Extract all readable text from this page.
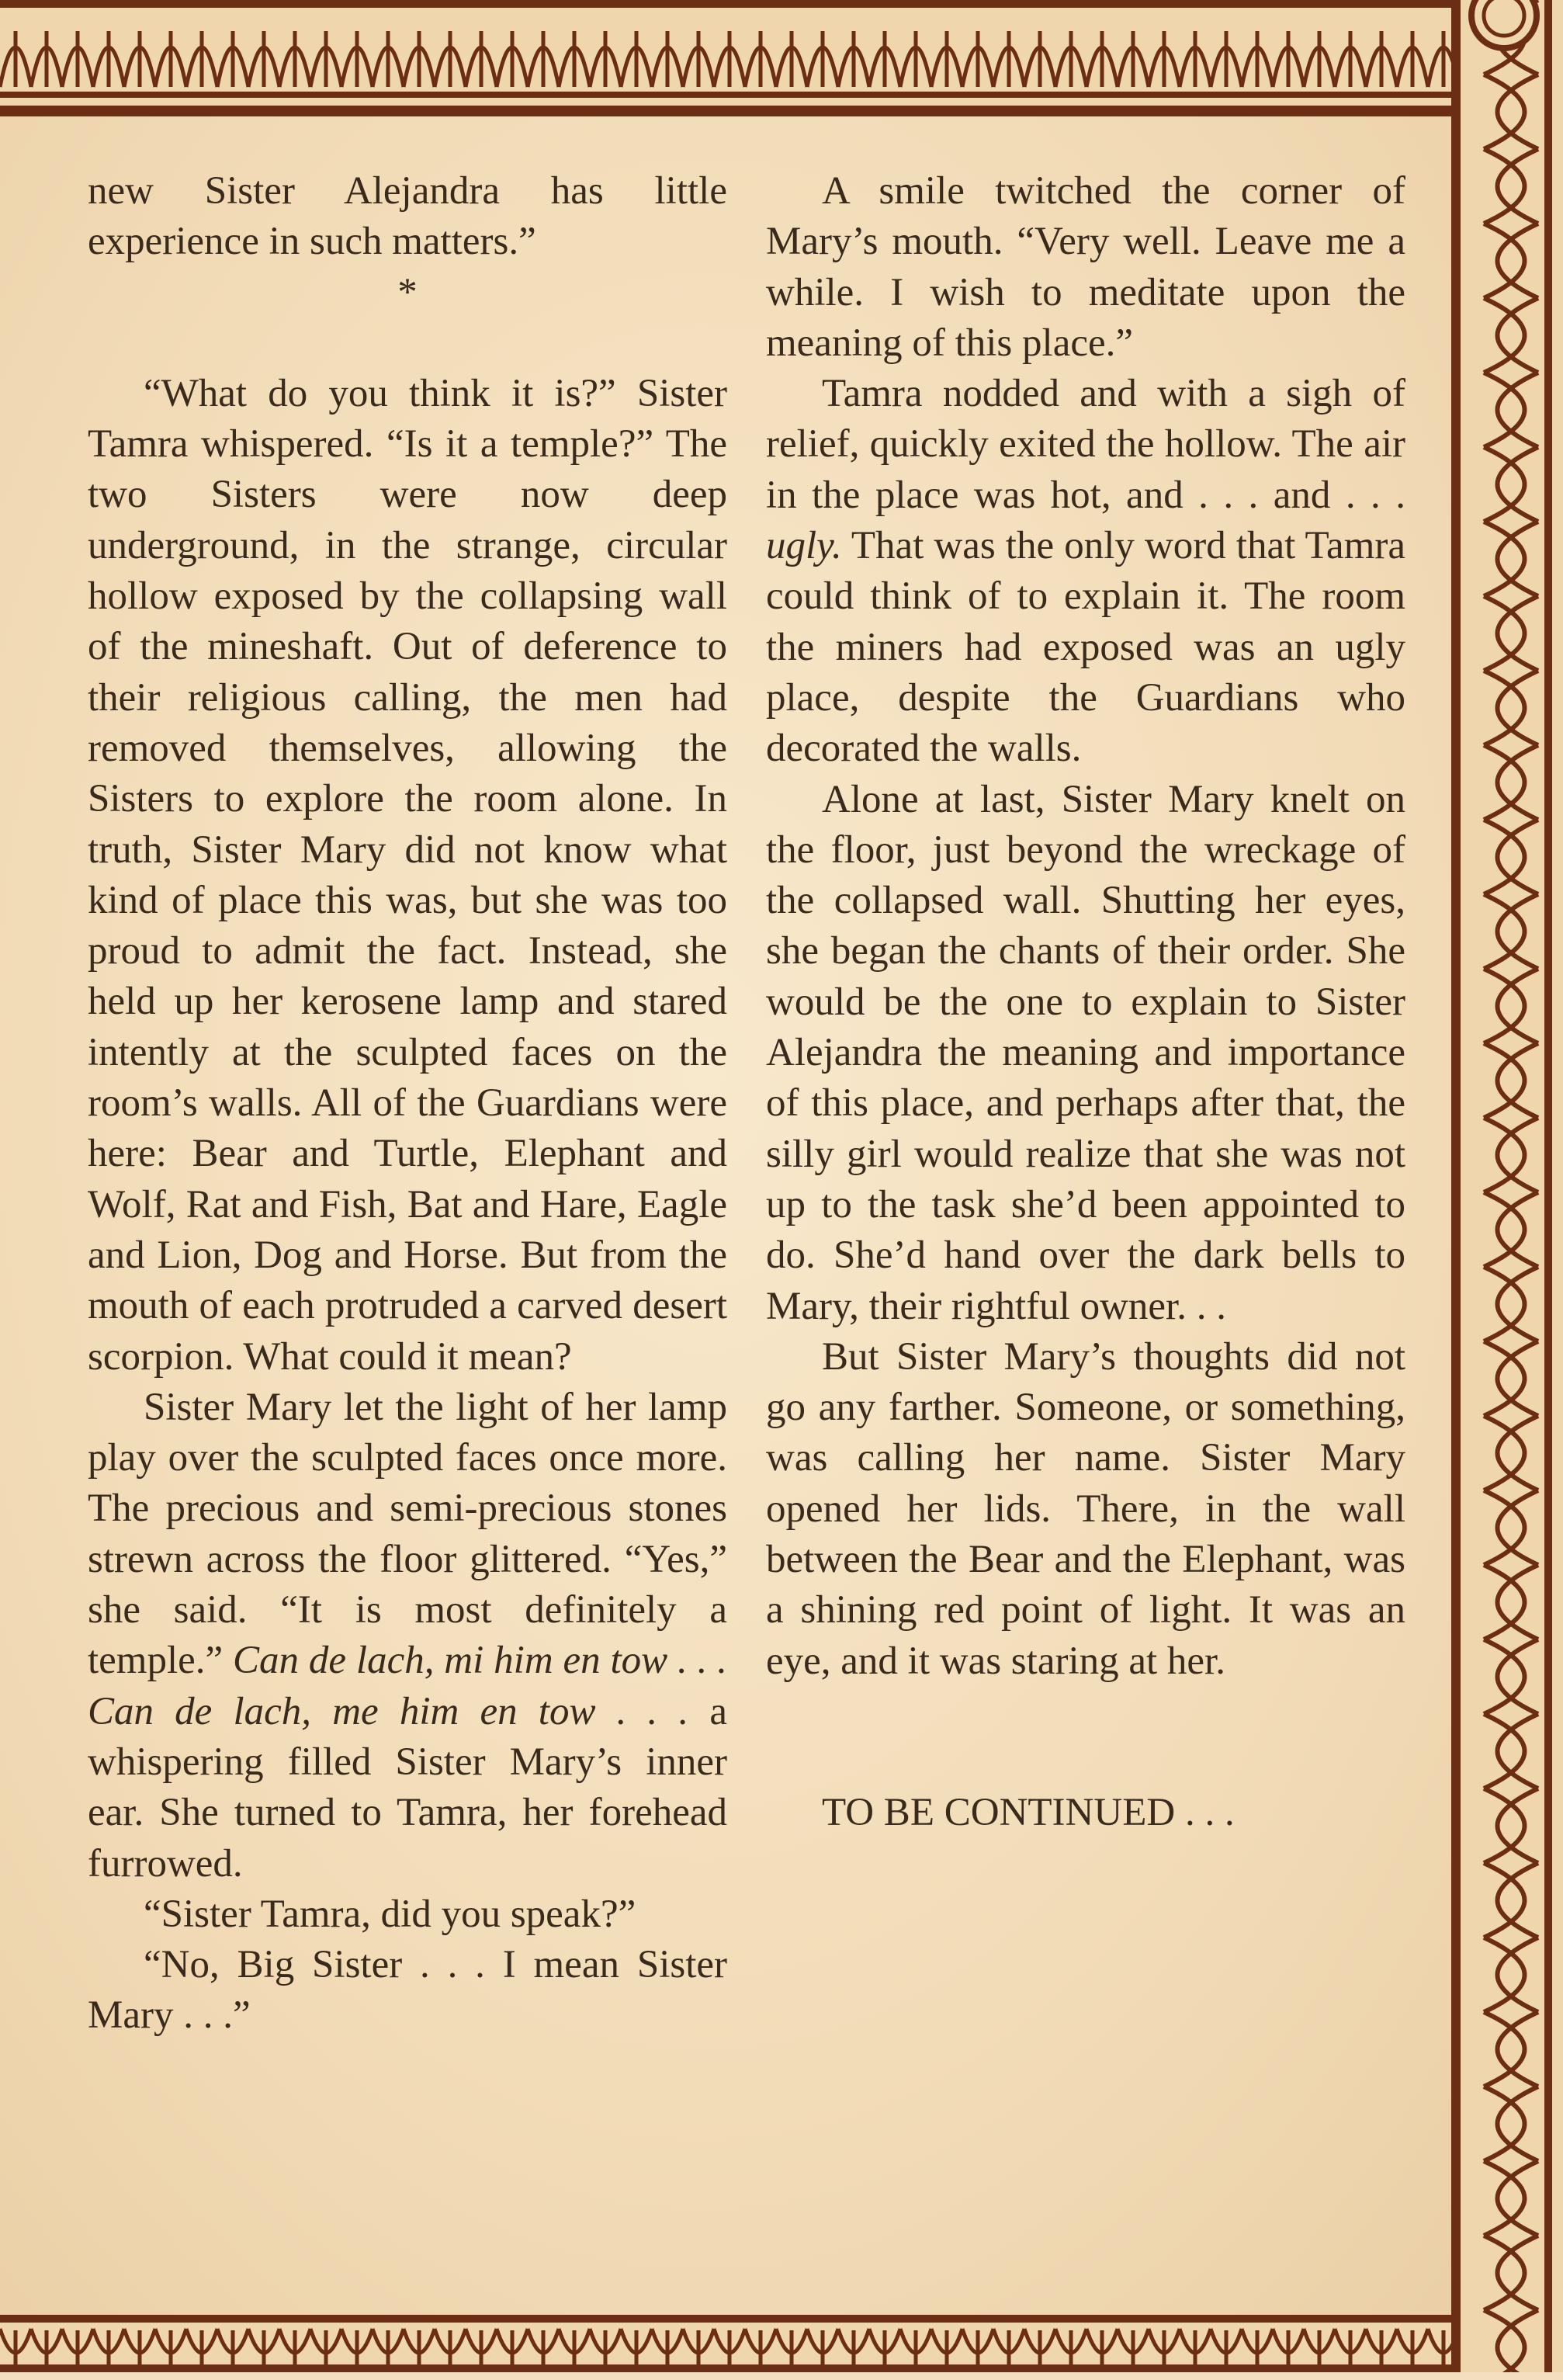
new Sister Alejandra has little experience in such matters.”

*

“What do you think it is?” Sister Tamra whispered. “Is it a temple?” The two Sisters were now deep underground, in the strange, circular hollow exposed by the collapsing wall of the mineshaft. Out of deference to their religious calling, the men had removed themselves, allowing the Sisters to explore the room alone. In truth, Sister Mary did not know what kind of place this was, but she was too proud to admit the fact. Instead, she held up her kerosene lamp and stared intently at the sculpted faces on the room’s walls. All of the Guardians were here: Bear and Turtle, Elephant and Wolf, Rat and Fish, Bat and Hare, Eagle and Lion, Dog and Horse. But from the mouth of each protruded a carved desert scorpion. What could it mean?

Sister Mary let the light of her lamp play over the sculpted faces once more. The precious and semi-precious stones strewn across the floor glittered. “Yes,” she said. “It is most definitely a temple.” Can de lach, mi him en tow . . . Can de lach, me him en tow . . . a whispering filled Sister Mary’s inner ear. She turned to Tamra, her forehead furrowed.

“Sister Tamra, did you speak?”

“No, Big Sister . . . I mean Sister Mary . . .”

A smile twitched the corner of Mary’s mouth. “Very well. Leave me a while. I wish to meditate upon the meaning of this place.”

Tamra nodded and with a sigh of relief, quickly exited the hollow. The air in the place was hot, and . . . and . . . ugly. That was the only word that Tamra could think of to explain it. The room the miners had exposed was an ugly place, despite the Guardians who decorated the walls.

Alone at last, Sister Mary knelt on the floor, just beyond the wreckage of the collapsed wall. Shutting her eyes, she began the chants of their order. She would be the one to explain to Sister Alejandra the meaning and importance of this place, and perhaps after that, the silly girl would realize that she was not up to the task she’d been appointed to do. She’d hand over the dark bells to Mary, their rightful owner. . .

But Sister Mary’s thoughts did not go any farther. Someone, or something, was calling her name. Sister Mary opened her lids. There, in the wall between the Bear and the Elephant, was a shining red point of light. It was an eye, and it was staring at her.

TO BE CONTINUED . . .
